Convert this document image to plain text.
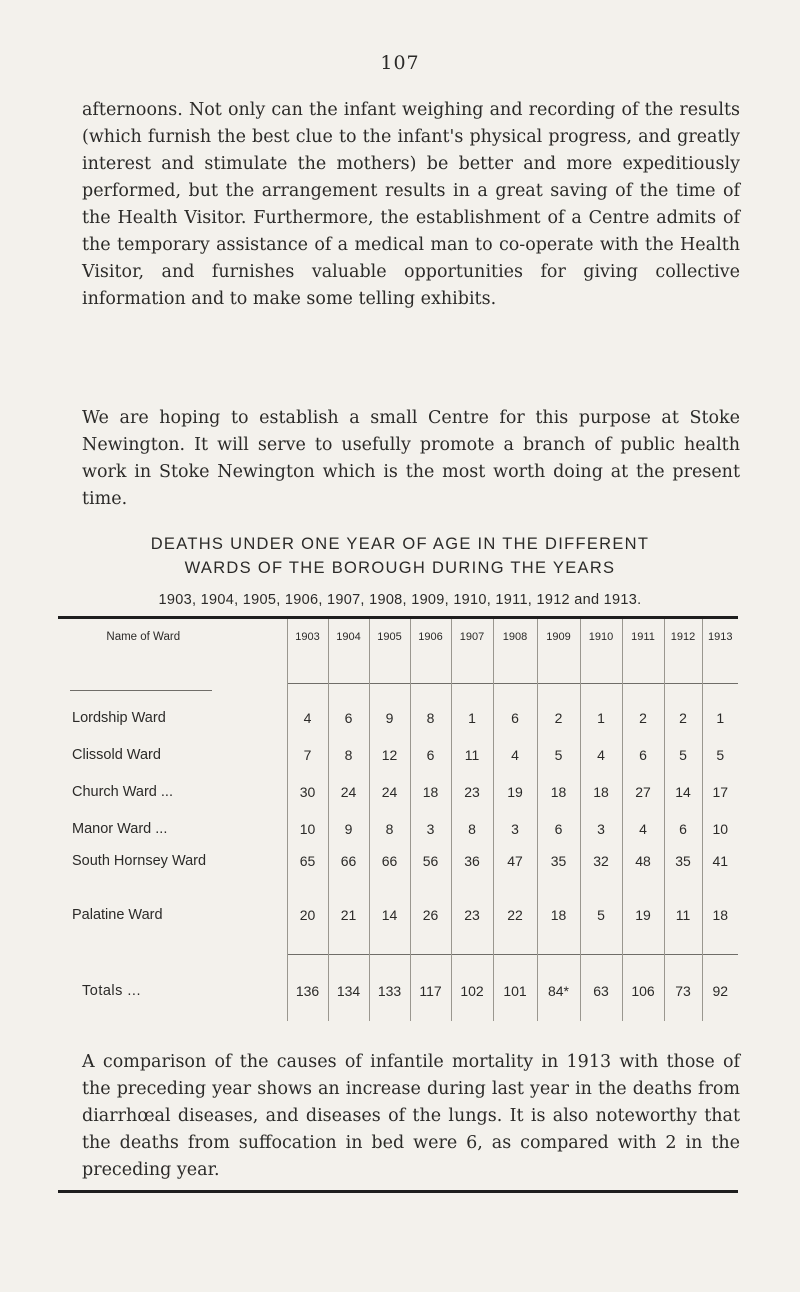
107

afternoons. Not only can the infant weighing and recording of the results (which furnish the best clue to the infant's physical progress, and greatly interest and stimulate the mothers) be better and more expeditiously performed, but the arrangement results in a great saving of the time of the Health Visitor. Furthermore, the establishment of a Centre admits of the temporary assistance of a medical man to co-operate with the Health Visitor, and furnishes valuable opportunities for giving collective information and to make some telling exhibits.

We are hoping to establish a small Centre for this purpose at Stoke Newington. It will serve to usefully promote a branch of public health work in Stoke Newington which is the most worth doing at the present time.

DEATHS UNDER ONE YEAR OF AGE IN THE DIFFERENT
WARDS OF THE BOROUGH DURING THE YEARS
1903, 1904, 1905, 1906, 1907, 1908, 1909, 1910, 1911, 1912 and 1913.
Name of Ward	1903	1904	1905	1906	1907	1908	1909	1910	1911	1912	1913

Lordship Ward	4	6	9	8	1	6	2	1	2	2	1
Clissold Ward	7	8	12	6	11	4	5	4	6	5	5
Church Ward ...	30	24	24	18	23	19	18	18	27	14	17
Manor Ward ...	10	9	8	3	8	3	6	3	4	6	10
South Hornsey Ward	65	66	66	56	36	47	35	32	48	35	41
Palatine Ward	20	21	14	26	23	22	18	5	19	11	18

Totals ...	136	134	133	117	102	101	84*	63	106	73	92

A comparison of the causes of infantile mortality in 1913 with those of the preceding year shows an increase during last year in the deaths from diarrhœal diseases, and diseases of the lungs. It is also noteworthy that the deaths from suffocation in bed were 6, as compared with 2 in the preceding year.
